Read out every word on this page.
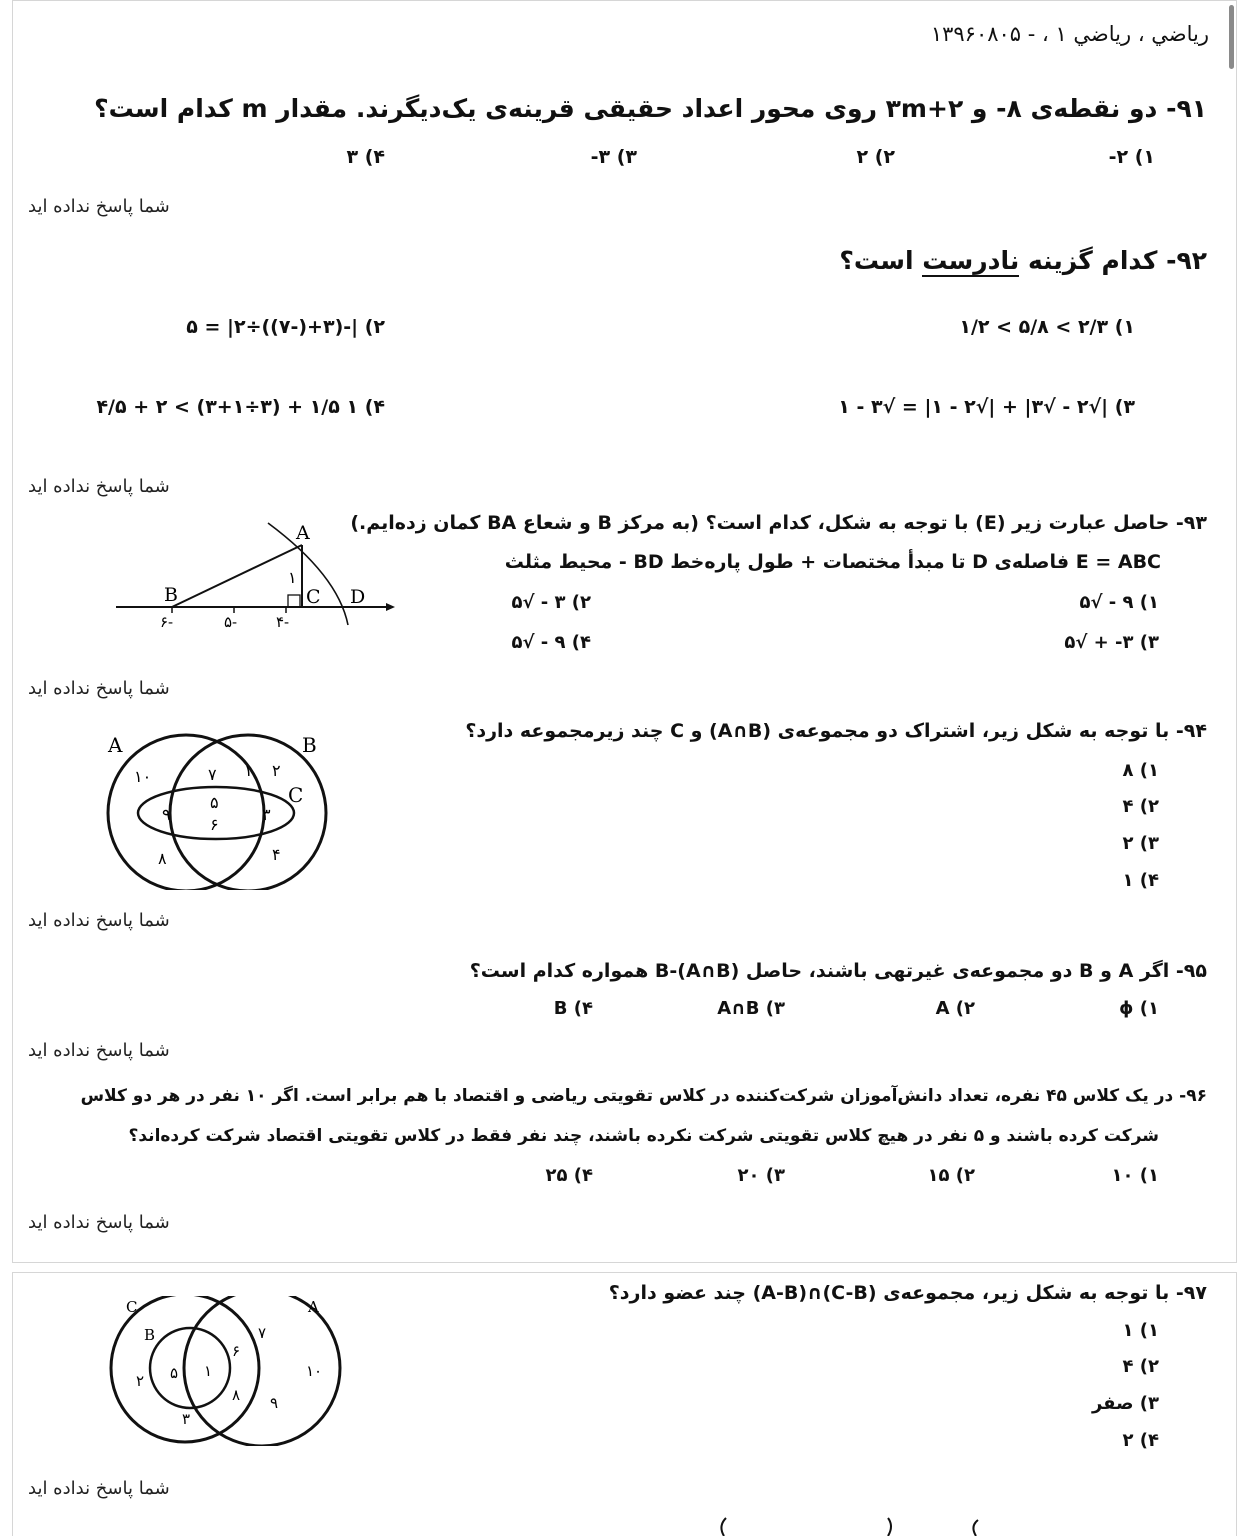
رياضي ، رياضي ۱ ، - ۱۳۹۶۰۸۰۵
۹۱- دو نقطه‌ی ۸- و ۲+۳m روی محور اعداد حقیقی قرینه‌ی یک‌دیگرند. مقدار m کدام است؟
۱) ۲-
۲) ۲
۳) ۳-
۴) ۳
شما پاسخ نداده اید
۹۲- کدام گزینه نادرست است؟
۱) ۲/۳ > ۵/۸ > ۱/۲
۲) |-(۳+(-۷))÷۲| = ۵
۳) |√۲ - √۳| + |√۲ - ۱| = √۳ - ۱
۴) ۱ ۱/۵ + (۳÷۳+۱) > ۲ + ۴/۵
شما پاسخ نداده اید
۹۳- حاصل عبارت زیر (E) با توجه به شکل، کدام است؟ (به مرکز B و شعاع BA کمان زده‌ایم.)
E = ABC فاصله‌ی D تا مبدأ مختصات + طول پاره‌خط BD - محیط مثلث
۱) ۹ - √۵
۲) ۳ - √۵
۳) ۳- + √۵
۴) ۹ - √۵
A
B	C D
۱
۶-	۵-	۴-
شما پاسخ نداده اید
۹۴- با توجه به شکل زیر، اشتراک دو مجموعه‌ی (A∩B) و C چند زیرمجموعه دارد؟
۱) ۸
۲) ۴
۳) ۲
۴) ۱
A	B
C
۱۰	۷ ۱ ۲
۹
۵
۶
۳
۸	۴
شما پاسخ نداده اید
۹۵- اگر A و B دو مجموعه‌ی غیرتهی باشند، حاصل (A∩B)-B همواره کدام است؟
۱) ϕ
۲) A
۳) A∩B
۴) B
شما پاسخ نداده اید
۹۶- در یک کلاس ۴۵ نفره، تعداد دانش‌آموزان شرکت‌کننده در کلاس تقویتی ریاضی و اقتصاد با هم برابر است. اگر ۱۰ نفر در هر دو کلاس
شرکت کرده باشند و ۵ نفر در هیچ کلاس تقویتی شرکت نکرده باشند، چند نفر فقط در کلاس تقویتی اقتصاد شرکت کرده‌اند؟
۱) ۱۰
۲) ۱۵
۳) ۲۰
۴) ۲۵
شما پاسخ نداده اید
۹۷- با توجه به شکل زیر، مجموعه‌ی (C-B)∩(A-B) چند عضو دارد؟
۱) ۱
۲) ۴
۳) صفر
۴) ۲
C	A
B	۷
۶
۵ ۱	۱۰
۲
۸ ۹
۳
شما پاسخ نداده اید
